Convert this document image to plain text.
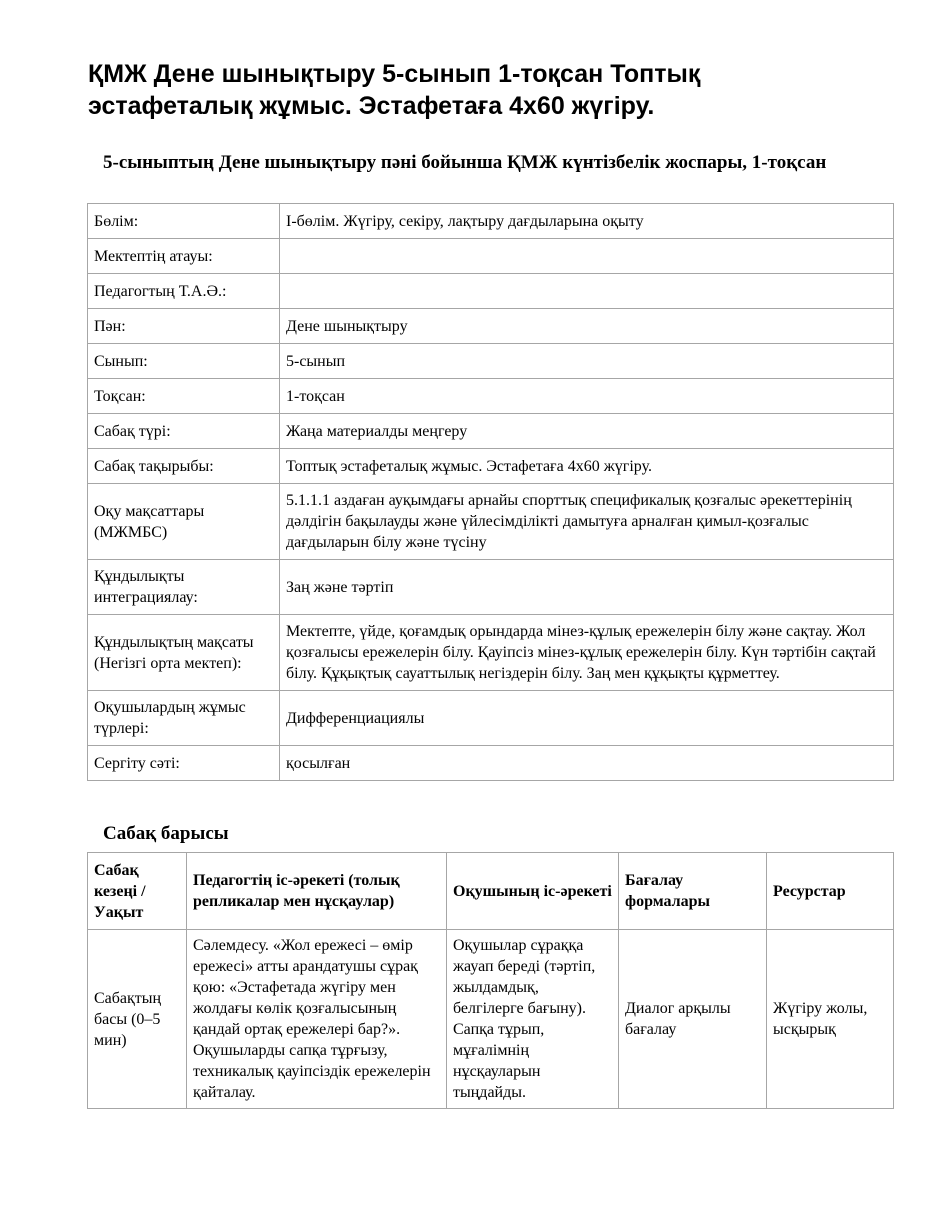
ҚМЖ Дене шынықтыру 5-сынып 1-тоқсан Топтық эстафеталық жұмыс. Эстафетаға 4х60 жүгіру.
5-сыныптың Дене шынықтыру пәні бойынша ҚМЖ күнтізбелік жоспары, 1-тоқсан
Бөлім:	І-бөлім. Жүгіру, секіру, лақтыру дағдыларына оқыту
Мектептің атауы:	
Педагогтың Т.А.Ә.:	
Пән:	Дене шынықтыру
Сынып:	5-сынып
Тоқсан:	1-тоқсан
Сабақ түрі:	Жаңа материалды меңгеру
Сабақ тақырыбы:	Топтық эстафеталық жұмыс. Эстафетаға 4х60 жүгіру.
Оқу мақсаттары (МЖМБС)	5.1.1.1 аздаған ауқымдағы арнайы спорттық спецификалық қозғалыс әрекеттерінің дәлдігін бақылауды және үйлесімділікті дамытуға арналған қимыл-қозғалыс дағдыларын білу және түсіну
Құндылықты интеграциялау:	Заң және тәртіп
Құндылықтың мақсаты (Негізгі орта мектеп):	Мектепте, үйде, қоғамдық орындарда мінез-құлық ережелерін білу және сақтау. Жол қозғалысы ережелерін білу. Қауіпсіз мінез-құлық ережелерін білу. Күн тәртібін сақтай білу. Құқықтық сауаттылық негіздерін білу. Заң мен құқықты құрметтеу.
Оқушылардың жұмыс түрлері:	Дифференциациялы
Сергіту сәті:	қосылған
Сабақ барысы
Сабақ кезеңі / Уақыт	Педагогтің іс-әрекеті (толық репликалар мен нұсқаулар)	Оқушының іс-әрекеті	Бағалау формалары	Ресурстар
Сабақтың басы (0–5 мин)	Сәлемдесу. «Жол ережесі – өмір ережесі» атты арандатушы сұрақ қою: «Эстафетада жүгіру мен жолдағы көлік қозғалысының қандай ортақ ережелері бар?». Оқушыларды сапқа тұрғызу, техникалық қауіпсіздік ережелерін қайталау.	Оқушылар сұраққа жауап береді (тәртіп, жылдамдық, белгілерге бағыну). Сапқа тұрып, мұғалімнің нұсқауларын тыңдайды.	Диалог арқылы бағалау	Жүгіру жолы, ысқырық
